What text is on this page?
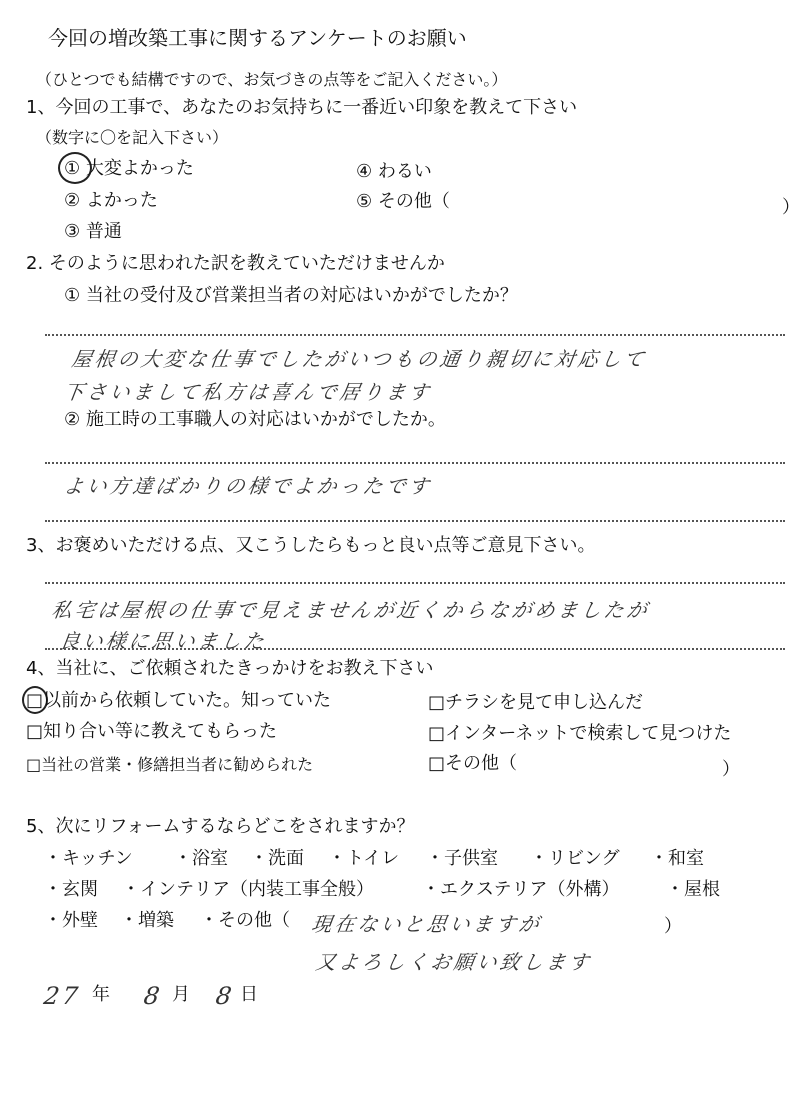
今回の増改築工事に関するアンケートのお願い
（ひとつでも結構ですので、お気づきの点等をご記入ください。）
1、今回の工事で、あなたのお気持ちに一番近い印象を教えて下さい
（数字に〇を記入下さい）
① 大変よかった
② よかった
③ 普通
④ わるい
⑤ その他（	）
2. そのように思われた訳を教えていただけませんか
① 当社の受付及び営業担当者の対応はいかがでしたか？
屋根の大変な仕事でしたがいつもの通り親切に対応して
下さいまして私方は喜んで居ります
② 施工時の工事職人の対応はいかがでしたか。
よい方達ばかりの様でよかったです
3、お褒めいただける点、又こうしたらもっと良い点等ご意見下さい。
私宅は屋根の仕事で見えませんが近くからながめましたが
良い様に思いました
4、当社に、ご依頼されたきっかけをお教え下さい
□以前から依頼していた。知っていた	□チラシを見て申し込んだ
□知り合い等に教えてもらった	□インターネットで検索して見つけた
□当社の営業・修繕担当者に勧められた	□その他（	）
5、次にリフォームするならどこをされますか？
・キッチン ・浴室 ・洗面 ・トイレ ・子供室 ・リビング ・和室
・玄関 ・インテリア（内装工事全般）	・エクステリア（外構）	・屋根
・外壁 ・増築 ・その他（ 現在ないと思いますが	）
又よろしくお願い致します
27 年 8 月 8 日
